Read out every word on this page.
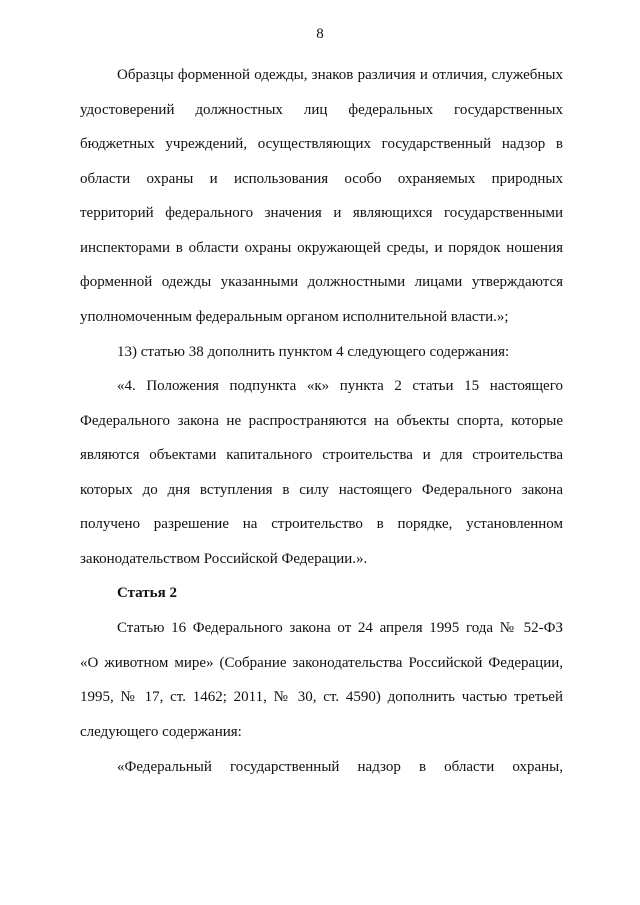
8
Образцы форменной одежды, знаков различия и отличия, служебных
удостоверений должностных лиц федеральных государственных
бюджетных учреждений, осуществляющих государственный надзор в
области охраны и использования особо охраняемых природных
территорий федерального значения и являющихся государственными
инспекторами в области охраны окружающей среды, и порядок ношения
форменной одежды указанными должностными лицами утверждаются
уполномоченным федеральным органом исполнительной власти.»;
13) статью 38 дополнить пунктом 4 следующего содержания:
«4. Положения подпункта «к» пункта 2 статьи 15 настоящего
Федерального закона не распространяются на объекты спорта, которые
являются объектами капитального строительства и для строительства
которых до дня вступления в силу настоящего Федерального закона
получено разрешение на строительство в порядке, установленном
законодательством Российской Федерации.».
Статья 2
Статью 16 Федерального закона от 24 апреля 1995 года № 52-ФЗ
«О животном мире» (Собрание законодательства Российской Федерации,
1995, № 17, ст. 1462; 2011, № 30, ст. 4590) дополнить частью третьей
следующего содержания:
«Федеральный государственный надзор в области охраны,
